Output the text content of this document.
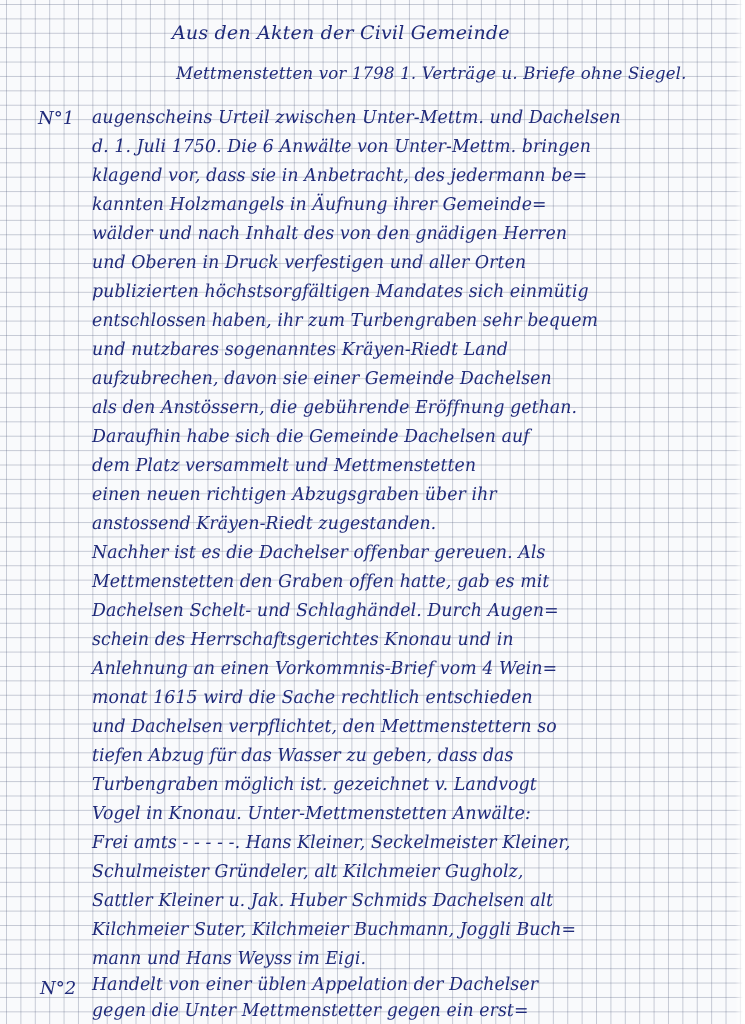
Aus den Akten der Civil Gemeinde
Mettmenstetten vor 1798 1. Verträge u. Briefe ohne Siegel.
N°1 augenscheins Urteil zwischen Unter-Mettm. und Dachelsen
d. 1. Juli 1750. Die 6 Anwälte von Unter-Mettm. bringen
klagend vor, dass sie in Anbetracht, des jedermann be=
kannten Holzmangels in Äufnung ihrer Gemeinde=
wälder und nach Inhalt des von den gnädigen Herren
und Oberen in Druck verfestigen und aller Orten
publizierten höchstsorgfältigen Mandates sich einmütig
entschlossen haben, ihr zum Turbengraben sehr bequem
und nutzbares sogenanntes Kräyen-Riedt Land
aufzubrechen, davon sie einer Gemeinde Dachelsen
als den Anstössern, die gebührende Eröffnung gethan.
Daraufhin habe sich die Gemeinde Dachelsen auf
dem Platz versammelt und Mettmenstetten
einen neuen richtigen Abzugsgraben über ihr
anstossend Kräyen-Riedt zugestanden.
Nachher ist es die Dachelser offenbar gereuen. Als
Mettmenstetten den Graben offen hatte, gab es mit
Dachelsen Schelt- und Schlaghändel. Durch Augen=
schein des Herrschaftsgerichtes Knonau und in
Anlehnung an einen Vorkommnis-Brief vom 4 Wein=
monat 1615 wird die Sache rechtlich entschieden
und Dachelsen verpflichtet, den Mettmenstettern so
tiefen Abzug für das Wasser zu geben, dass das
Turbengraben möglich ist. gezeichnet v. Landvogt
Vogel in Knonau. Unter-Mettmenstetten Anwälte:
Frei amts - - - - -. Hans Kleiner, Seckelmeister Kleiner,
Schulmeister Gründeler, alt Kilchmeier Gugholz,
Sattler Kleiner u. Jak. Huber Schmids Dachelsen alt
Kilchmeier Suter, Kilchmeier Buchmann, Joggli Buch=
mann und Hans Weyss im Eigi.
N°2 Handelt von einer üblen Appelation der Dachelser
gegen die Unter Mettmenstetter gegen ein erst=
